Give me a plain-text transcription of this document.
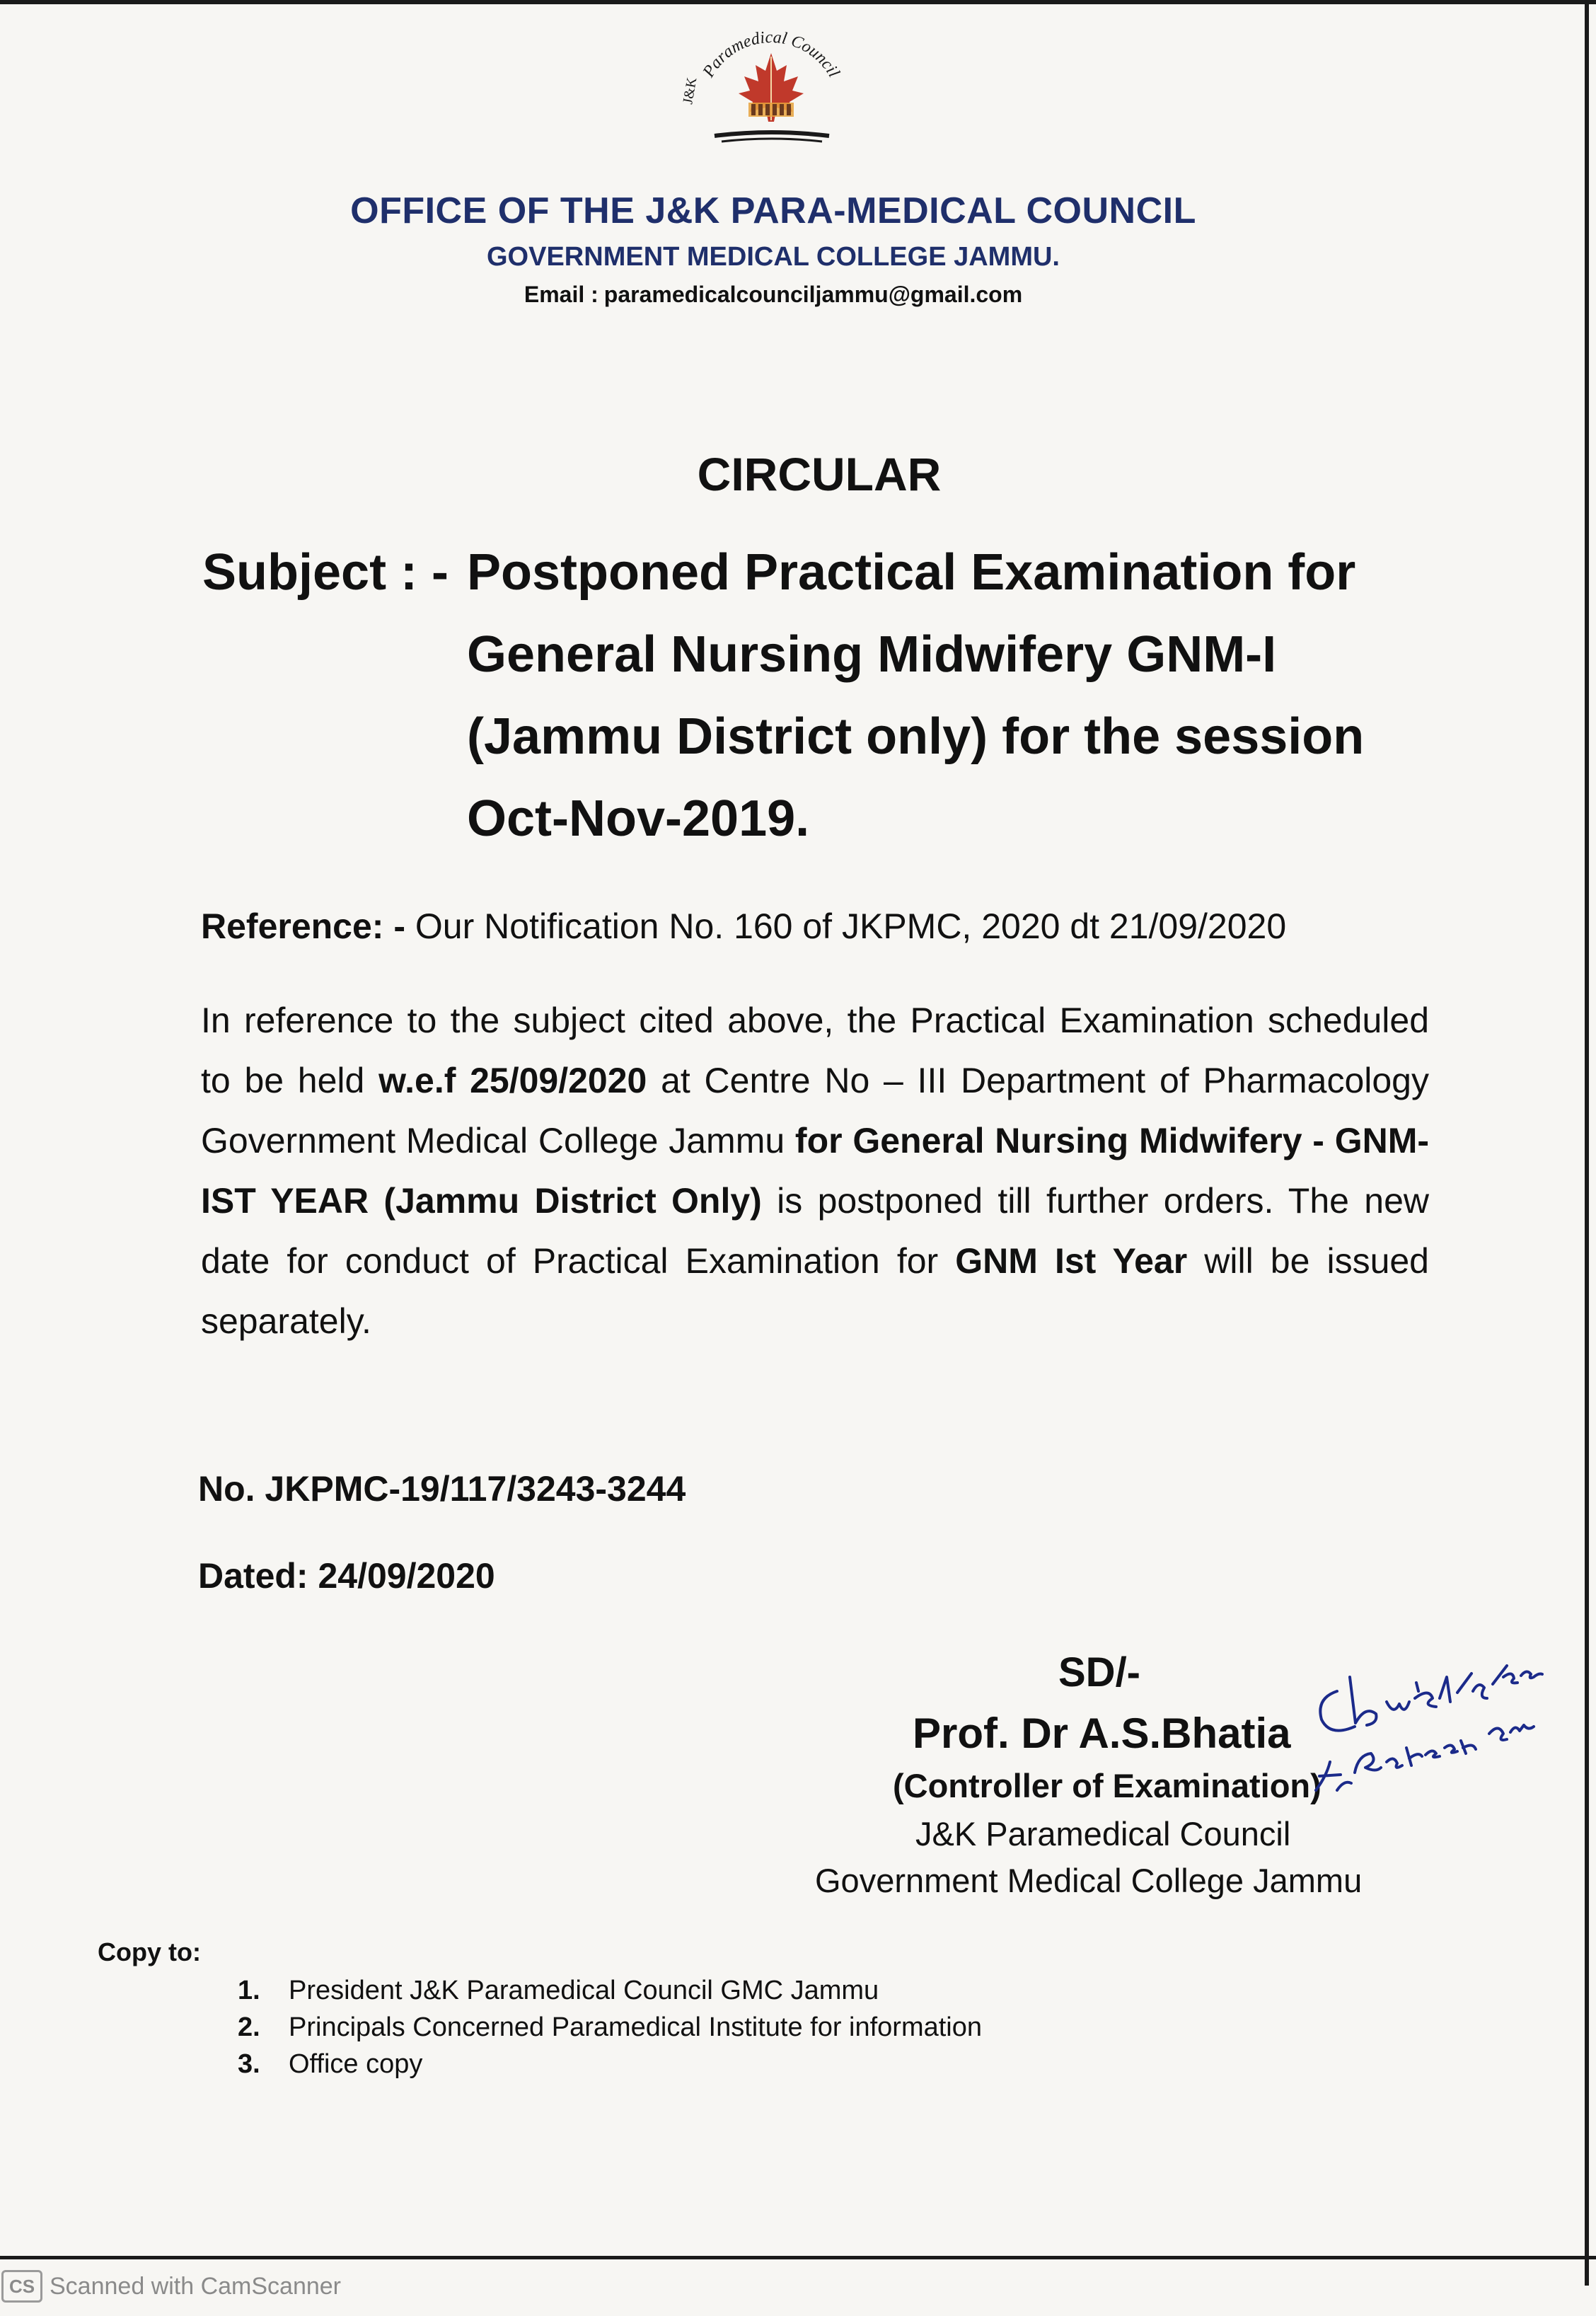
Paramedical Council
J&K
OFFICE OF THE J&K PARA-MEDICAL COUNCIL
GOVERNMENT MEDICAL COLLEGE JAMMU.
Email : paramedicalcounciljammu@gmail.com
CIRCULAR
Subject : - Postponed Practical Examination for
General Nursing Midwifery GNM-I
(Jammu District only) for the session
Oct-Nov-2019.
Reference: - Our Notification No. 160 of JKPMC, 2020 dt 21/09/2020
In reference to the subject cited above, the Practical Examination scheduled to be held w.e.f 25/09/2020 at Centre No – III Department of Pharmacology Government Medical College Jammu for General Nursing Midwifery - GNM-IST YEAR (Jammu District Only) is postponed till further orders. The new date for conduct of Practical Examination for GNM Ist Year will be issued separately.
No. JKPMC-19/117/3243-3244
Dated: 24/09/2020
SD/-
Prof. Dr A.S.Bhatia
(Controller of Examination)
J&K Paramedical Council
Government Medical College Jammu
Copy to:
1. President J&K Paramedical Council GMC Jammu
2. Principals Concerned Paramedical Institute for information
3. Office copy
CS Scanned with CamScanner
